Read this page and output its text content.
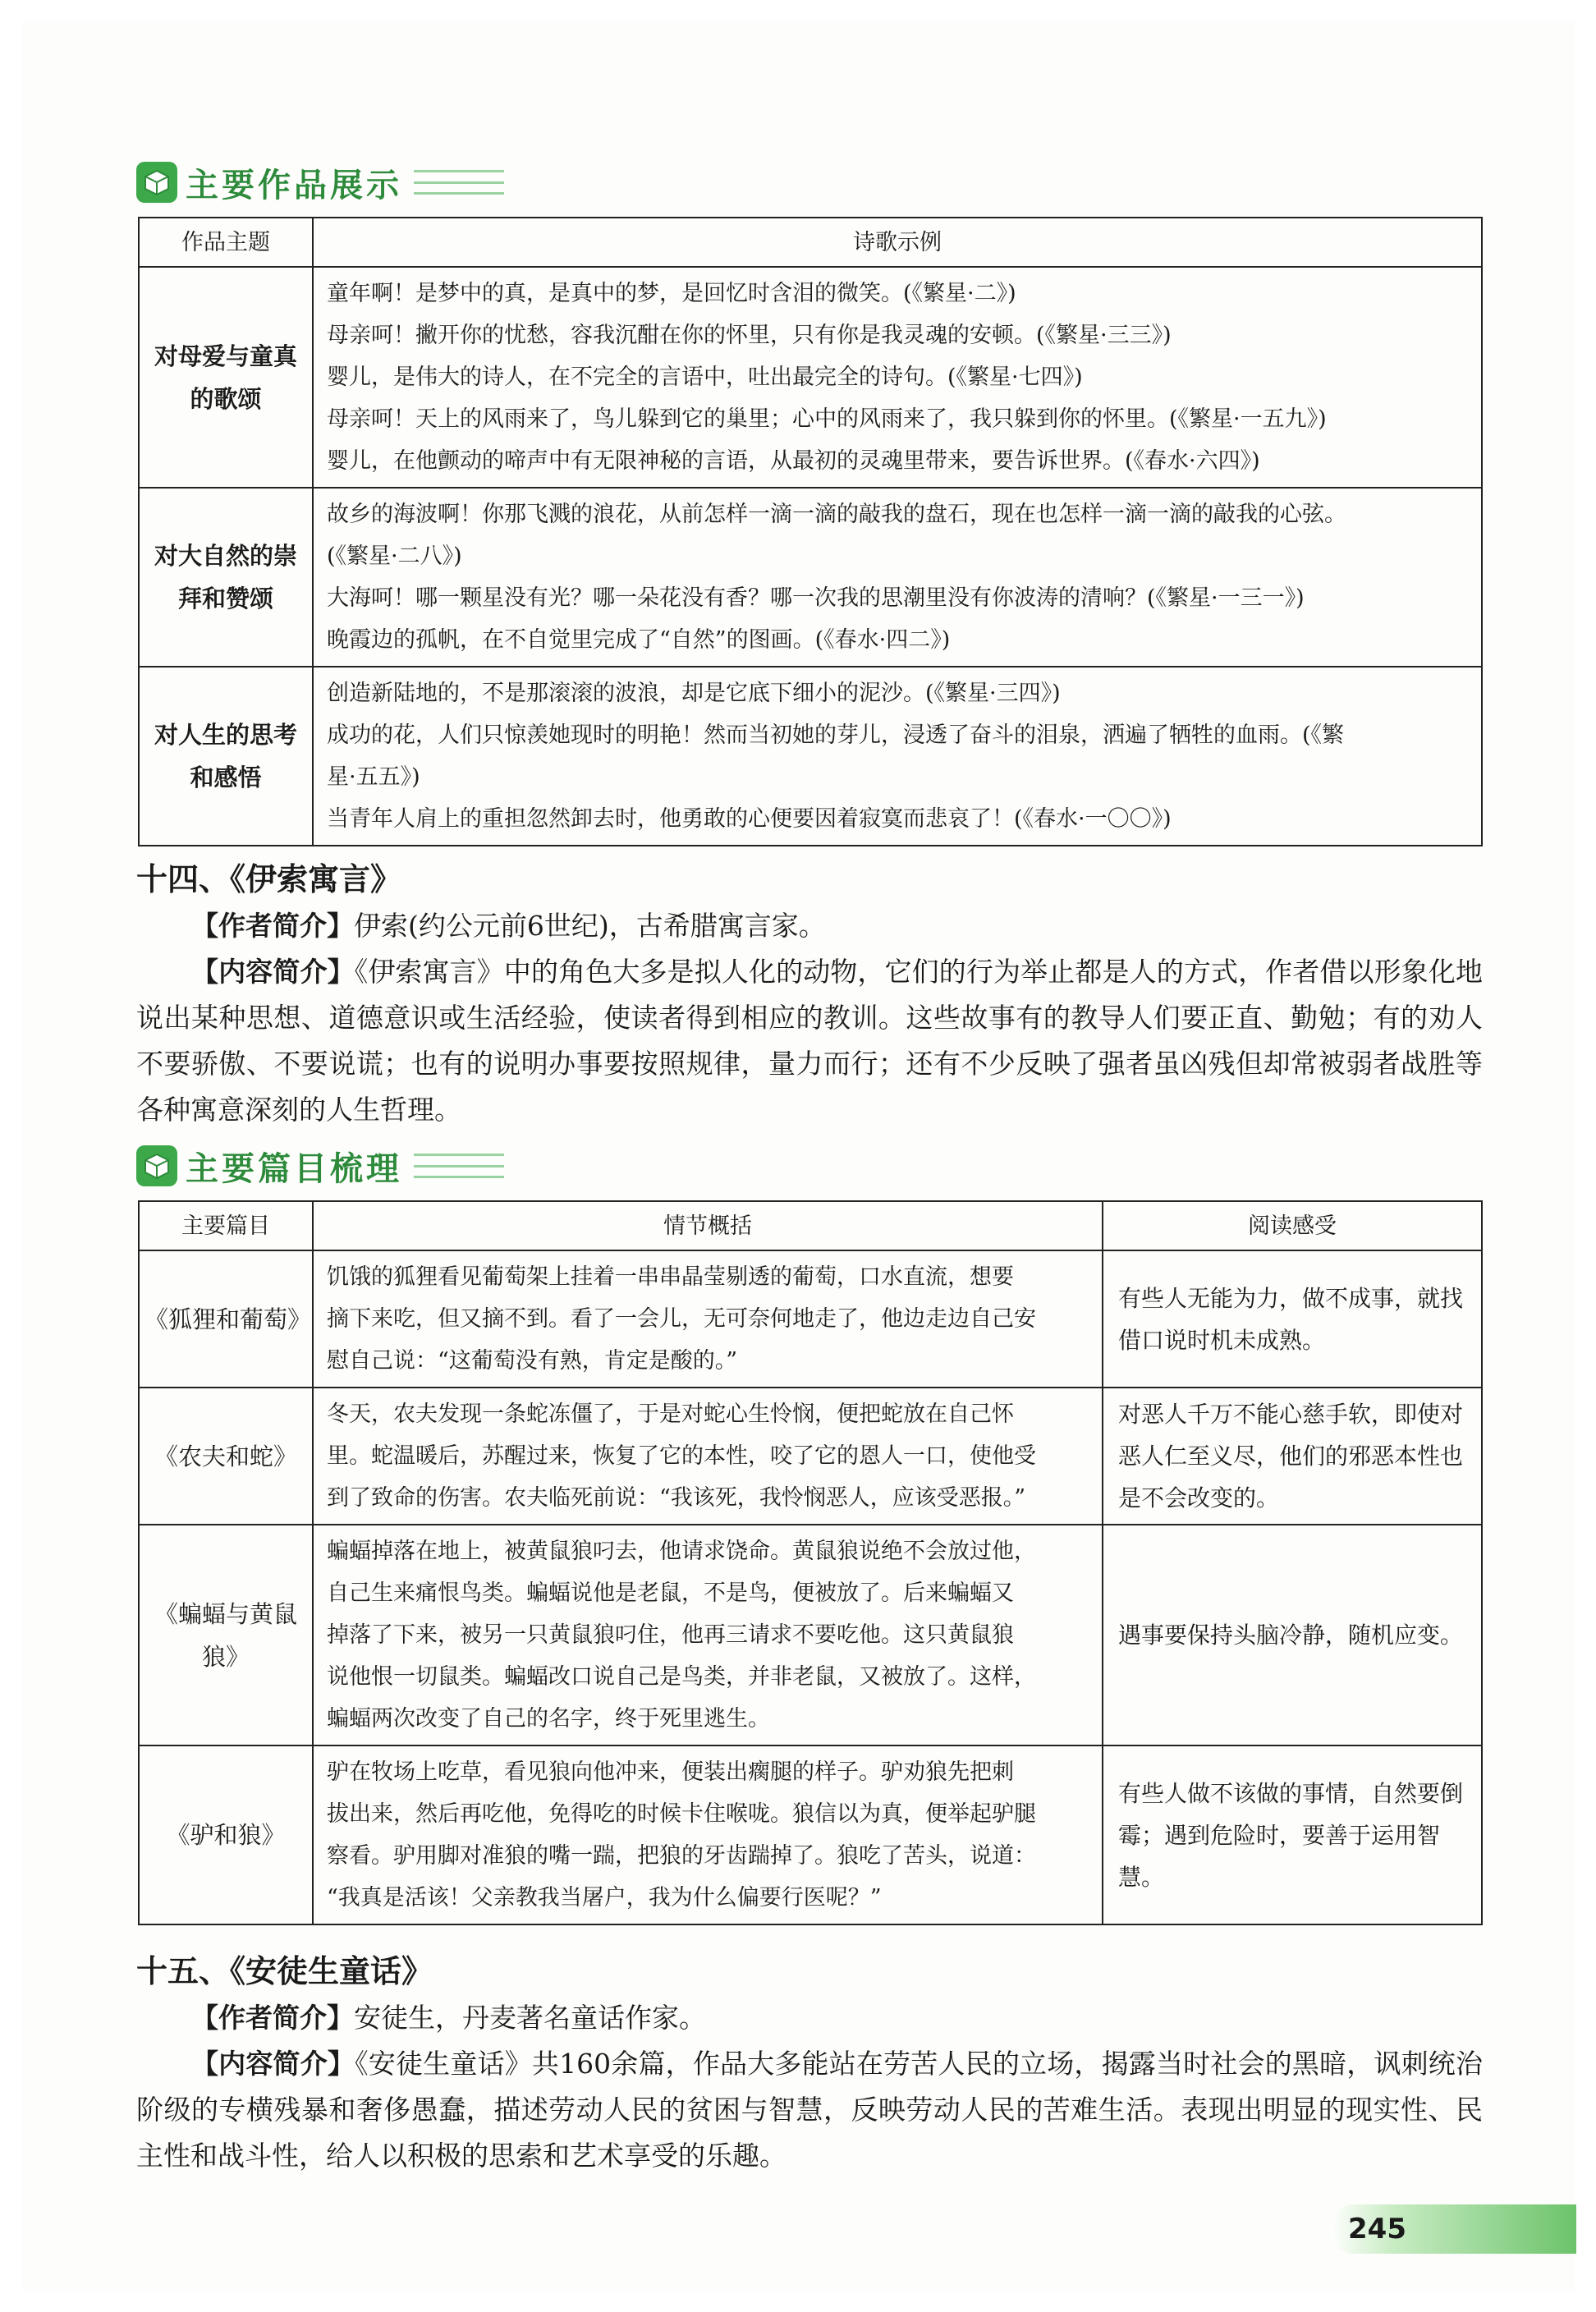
主要作品展示
作品主题	诗歌示例
对母爱与童真的歌颂	童年啊！是梦中的真，是真中的梦，是回忆时含泪的微笑。(《繁星·二》)
母亲呵！撇开你的忧愁，容我沉酣在你的怀里，只有你是我灵魂的安顿。(《繁星·三三》)
婴儿，是伟大的诗人，在不完全的言语中，吐出最完全的诗句。(《繁星·七四》)
母亲呵！天上的风雨来了，鸟儿躲到它的巢里；心中的风雨来了，我只躲到你的怀里。(《繁星·一五九》)
婴儿，在他颤动的啼声中有无限神秘的言语，从最初的灵魂里带来，要告诉世界。(《春水·六四》)

对大自然的崇拜和赞颂	故乡的海波啊！你那飞溅的浪花，从前怎样一滴一滴的敲我的盘石，现在也怎样一滴一滴的敲我的心弦。
(《繁星·二八》)
大海呵！哪一颗星没有光？哪一朵花没有香？哪一次我的思潮里没有你波涛的清响？(《繁星·一三一》)
晚霞边的孤帆，在不自觉里完成了“自然”的图画。(《春水·四二》)

对人生的思考和感悟	创造新陆地的，不是那滚滚的波浪，却是它底下细小的泥沙。(《繁星·三四》)
成功的花，人们只惊羡她现时的明艳！然而当初她的芽儿，浸透了奋斗的泪泉，洒遍了牺牲的血雨。(《繁
星·五五》)
当青年人肩上的重担忽然卸去时，他勇敢的心便要因着寂寞而悲哀了！(《春水·一〇〇》)
十四、《伊索寓言》
【作者简介】伊索(约公元前6世纪)，古希腊寓言家。
【内容简介】《伊索寓言》中的角色大多是拟人化的动物，它们的行为举止都是人的方式，作者借以形象化地说出某种思想、道德意识或生活经验，使读者得到相应的教训。这些故事有的教导人们要正直、勤勉；有的劝人不要骄傲、不要说谎；也有的说明办事要按照规律，量力而行；还有不少反映了强者虽凶残但却常被弱者战胜等各种寓意深刻的人生哲理。
主要篇目梳理
主要篇目	情节概括	阅读感受
《狐狸和葡萄》	饥饿的狐狸看见葡萄架上挂着一串串晶莹剔透的葡萄，口水直流，想要
摘下来吃，但又摘不到。看了一会儿，无可奈何地走了，他边走边自己安
慰自己说：“这葡萄没有熟，肯定是酸的。”	有些人无能为力，做不成事，就找借口说时机未成熟。
《农夫和蛇》	冬天，农夫发现一条蛇冻僵了，于是对蛇心生怜悯，便把蛇放在自己怀
里。蛇温暖后，苏醒过来，恢复了它的本性，咬了它的恩人一口，使他受
到了致命的伤害。农夫临死前说：“我该死，我怜悯恶人，应该受恶报。”	对恶人千万不能心慈手软，即使对恶人仁至义尽，他们的邪恶本性也是不会改变的。
《蝙蝠与黄鼠狼》	蝙蝠掉落在地上，被黄鼠狼叼去，他请求饶命。黄鼠狼说绝不会放过他，
自己生来痛恨鸟类。蝙蝠说他是老鼠，不是鸟，便被放了。后来蝙蝠又
掉落了下来，被另一只黄鼠狼叼住，他再三请求不要吃他。这只黄鼠狼
说他恨一切鼠类。蝙蝠改口说自己是鸟类，并非老鼠，又被放了。这样，
蝙蝠两次改变了自己的名字，终于死里逃生。	遇事要保持头脑冷静，随机应变。
《驴和狼》	驴在牧场上吃草，看见狼向他冲来，便装出瘸腿的样子。驴劝狼先把刺
拔出来，然后再吃他，免得吃的时候卡住喉咙。狼信以为真，便举起驴腿
察看。驴用脚对准狼的嘴一踹，把狼的牙齿踹掉了。狼吃了苦头，说道：
“我真是活该！父亲教我当屠户，我为什么偏要行医呢？”	有些人做不该做的事情，自然要倒霉；遇到危险时，要善于运用智慧。
十五、《安徒生童话》
【作者简介】安徒生，丹麦著名童话作家。
【内容简介】《安徒生童话》共160余篇，作品大多能站在劳苦人民的立场，揭露当时社会的黑暗，讽刺统治阶级的专横残暴和奢侈愚蠢，描述劳动人民的贫困与智慧，反映劳动人民的苦难生活。表现出明显的现实性、民主性和战斗性，给人以积极的思索和艺术享受的乐趣。
245
